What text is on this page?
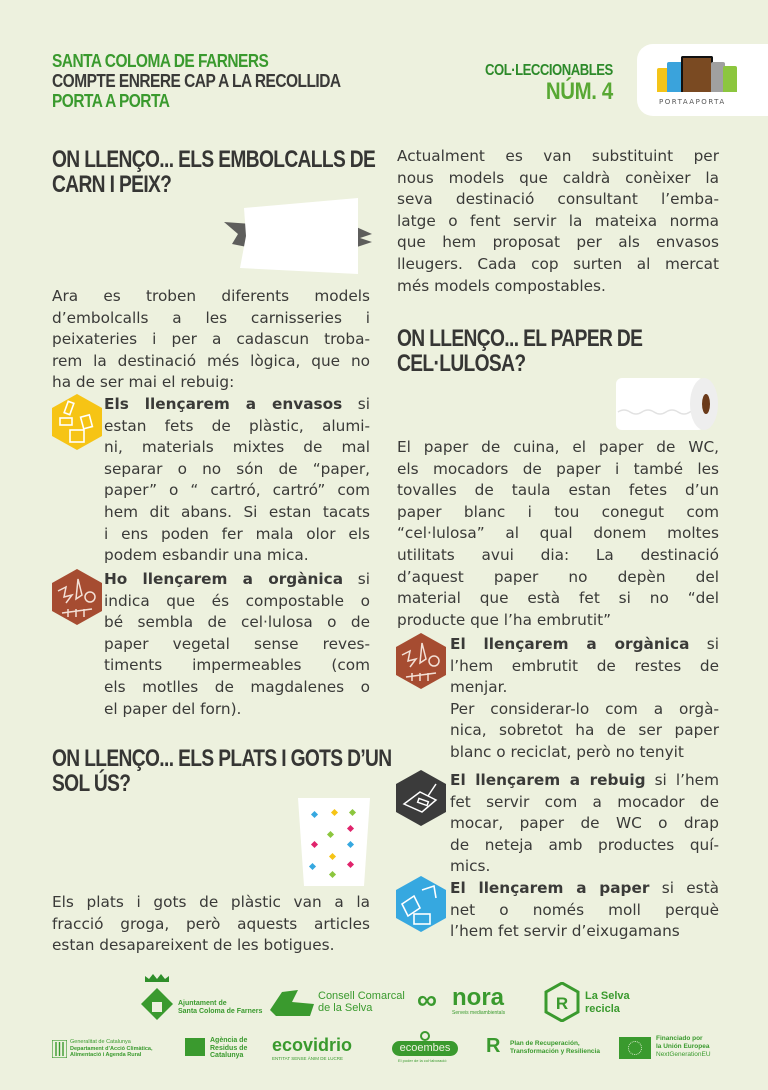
SANTA COLOMA DE FARNERS
COMPTE ENRERE CAP A LA RECOLLIDA
PORTA A PORTA
COL·LECCIONABLES
NÚM. 4	PORTAAPORTA
ON LLENÇO... ELS EMBOLCALLS DE
CARN I PEIX?
Ara es troben diferents models
d’embolcalls a les carnisseries i
peixateries i per a cadascun troba-
rem la destinació més lògica, que no
ha de ser mai el rebuig:
Els llençarem a envasos si
estan fets de plàstic, alumi-
ni, materials mixtes de mal
separar o no són de “paper,
paper” o “ cartró, cartró” com
hem dit abans. Si estan tacats
i ens poden fer mala olor els
podem esbandir una mica.
Ho llençarem a orgànica si
indica que és compostable o
bé sembla de cel·lulosa o de
paper vegetal sense reves-
timents impermeables (com
els motlles de magdalenes o
el paper del forn).
ON LLENÇO... ELS PLATS I GOTS D’UN
SOL ÚS?
Els plats i gots de plàstic van a la
fracció groga, però aquests articles
estan desapareixent de les botigues.
Actualment es van substituint per
nous models que caldrà conèixer la
seva destinació consultant l’emba-
latge o fent servir la mateixa norma
que hem proposat per als envasos
lleugers. Cada cop surten al mercat
més models compostables.
ON LLENÇO... EL PAPER DE
CEL·LULOSA?
El paper de cuina, el paper de WC,
els mocadors de paper i també les
tovalles de taula estan fetes d’un
paper blanc i tou conegut com
“cel·lulosa” al qual donem moltes
utilitats avui dia: La destinació
d’aquest paper no depèn del
material que està fet si no “del
producte que l’ha embrutit”
El llençarem a orgànica si
l’hem embrutit de restes de
menjar.
Per considerar-lo com a orgà-
nica, sobretot ha de ser paper
blanc o reciclat, però no tenyit
El llençarem a rebuig si l’hem
fet servir com a mocador de
mocar, paper de WC o drap
de neteja amb productes quí-
mics.
El llençarem a paper si està
net o només moll perquè
l’hem fet servir d’eixugamans
Ajuntament de
Santa Coloma de Farners
Consell Comarcal
de la Selva	∞ nora
Serveis mediambientals	R La Selva
recicla
Generalitat de Catalunya
Departament d’Acció Climàtica,
Alimentació i Agenda Rural
Agència de
Residus de
Catalunya
ecovidrio
ENTITAT SENSE ÀNIM DE LUCRE
ecoembes
El poder de la col·laboració
R Plan de Recuperación,
Transformación y Resiliencia
Financiado por
la Unión Europea
NextGenerationEU
